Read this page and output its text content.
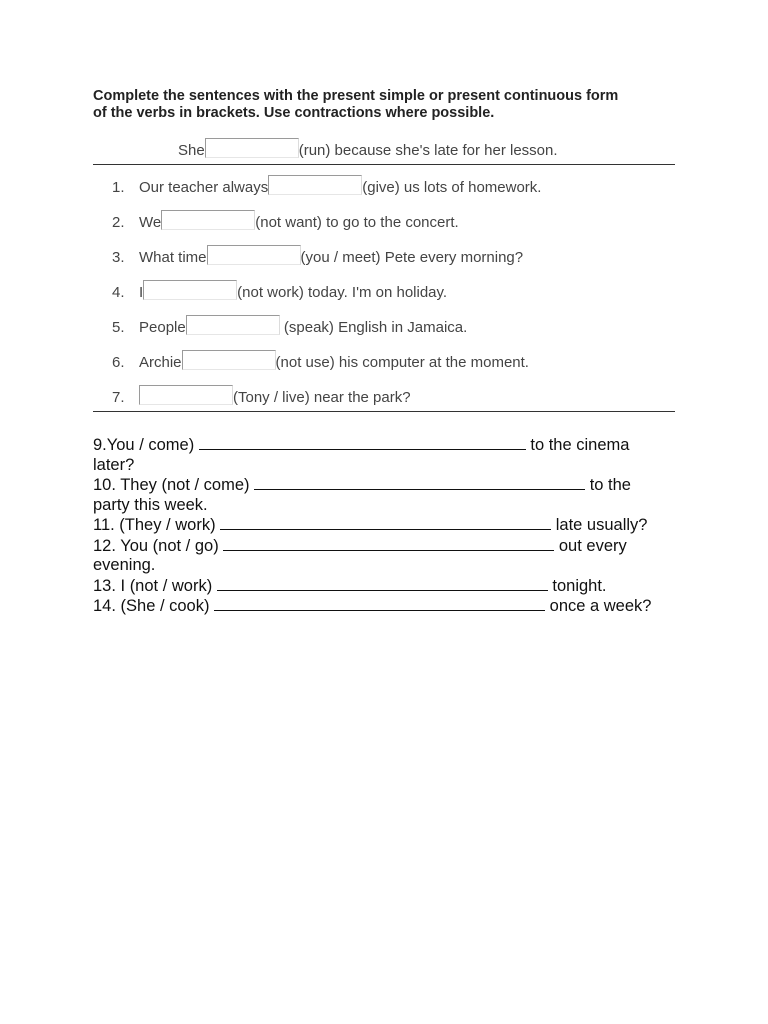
Complete the sentences with the present simple or present continuous form
of the verbs in brackets. Use contractions where possible.
She	(run) because she's late for her lesson.
1. Our teacher always	(give) us lots of homework.
2. We	(not want) to go to the concert.
3. What time	(you / meet) Pete every morning?
4. I	(not work) today. I'm on holiday.
5. People	(speak) English in Jamaica.
6. Archie	(not use) his computer at the moment.
7.	(Tony / live) near the park?
9.You / come)	to the cinema
later?
10. They (not / come)	to the
party this week.
11. (They / work)	late usually?
12. You (not / go)	out every
evening.
13. I (not / work)	tonight.
14. (She / cook)	once a week?
